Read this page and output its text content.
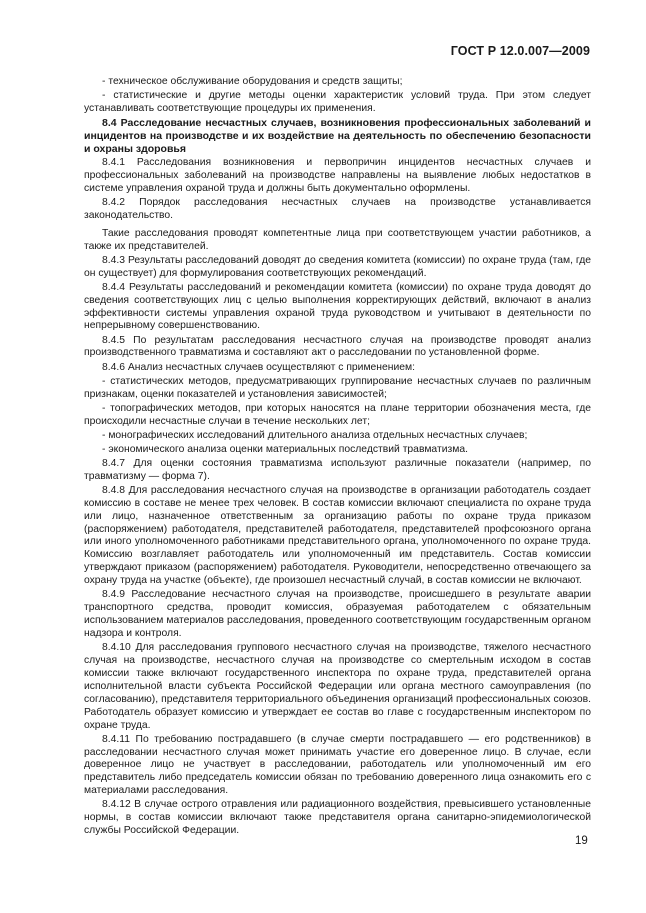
ГОСТ Р 12.0.007—2009

- техническое обслуживание оборудования и средств защиты;

- статистические и другие методы оценки характеристик условий труда. При этом следует устанавливать соответствующие процедуры их применения.

8.4 Расследование несчастных случаев, возникновения профессиональных заболеваний и инцидентов на производстве и их воздействие на деятельность по обеспечению безопасности и охраны здоровья

8.4.1 Расследования возникновения и первопричин инцидентов несчастных случаев и профессиональных заболеваний на производстве направлены на выявление любых недостатков в системе управления охраной труда и должны быть документально оформлены.

8.4.2 Порядок расследования несчастных случаев на производстве устанавливается законодательство.

Такие расследования проводят компетентные лица при соответствующем участии работников, а также их представителей.

8.4.3 Результаты расследований доводят до сведения комитета (комиссии) по охране труда (там, где он существует) для формулирования соответствующих рекомендаций.

8.4.4 Результаты расследований и рекомендации комитета (комиссии) по охране труда доводят до сведения соответствующих лиц с целью выполнения корректирующих действий, включают в анализ эффективности системы управления охраной труда руководством и учитывают в деятельности по непрерывному совершенствованию.

8.4.5 По результатам расследования несчастного случая на производстве проводят анализ производственного травматизма и составляют акт о расследовании по установленной форме.

8.4.6 Анализ несчастных случаев осуществляют с применением:

- статистических методов, предусматривающих группирование несчастных случаев по различным признакам, оценки показателей и установления зависимостей;

- топографических методов, при которых наносятся на плане территории обозначения места, где происходили несчастные случаи в течение нескольких лет;

- монографических исследований длительного анализа отдельных несчастных случаев;

- экономического анализа оценки материальных последствий травматизма.

8.4.7 Для оценки состояния травматизма используют различные показатели (например, по травматизму — форма 7).

8.4.8 Для расследования несчастного случая на производстве в организации работодатель создает комиссию в составе не менее трех человек. В состав комиссии включают специалиста по охране труда или лицо, назначенное ответственным за организацию работы по охране труда приказом (распоряжением) работодателя, представителей работодателя, представителей профсоюзного органа или иного уполномоченного работниками представительного органа, уполномоченного по охране труда. Комиссию возглавляет работодатель или уполномоченный им представитель. Состав комиссии утверждают приказом (распоряжением) работодателя. Руководители, непосредственно отвечающего за охрану труда на участке (объекте), где произошел несчастный случай, в состав комиссии не включают.

8.4.9 Расследование несчастного случая на производстве, происшедшего в результате аварии транспортного средства, проводит комиссия, образуемая работодателем с обязательным использованием материалов расследования, проведенного соответствующим государственным органом надзора и контроля.

8.4.10 Для расследования группового несчастного случая на производстве, тяжелого несчастного случая на производстве, несчастного случая на производстве со смертельным исходом в состав комиссии также включают государственного инспектора по охране труда, представителей органа исполнительной власти субъекта Российской Федерации или органа местного самоуправления (по согласованию), представителя территориального объединения организаций профессиональных союзов. Работодатель образует комиссию и утверждает ее состав во главе с государственным инспектором по охране труда.

8.4.11 По требованию пострадавшего (в случае смерти пострадавшего — его родственников) в расследовании несчастного случая может принимать участие его доверенное лицо. В случае, если доверенное лицо не участвует в расследовании, работодатель или уполномоченный им его представитель либо председатель комиссии обязан по требованию доверенного лица ознакомить его с материалами расследования.

8.4.12 В случае острого отравления или радиационного воздействия, превысившего установленные нормы, в состав комиссии включают также представителя органа санитарно-эпидемиологической службы Российской Федерации.

19
